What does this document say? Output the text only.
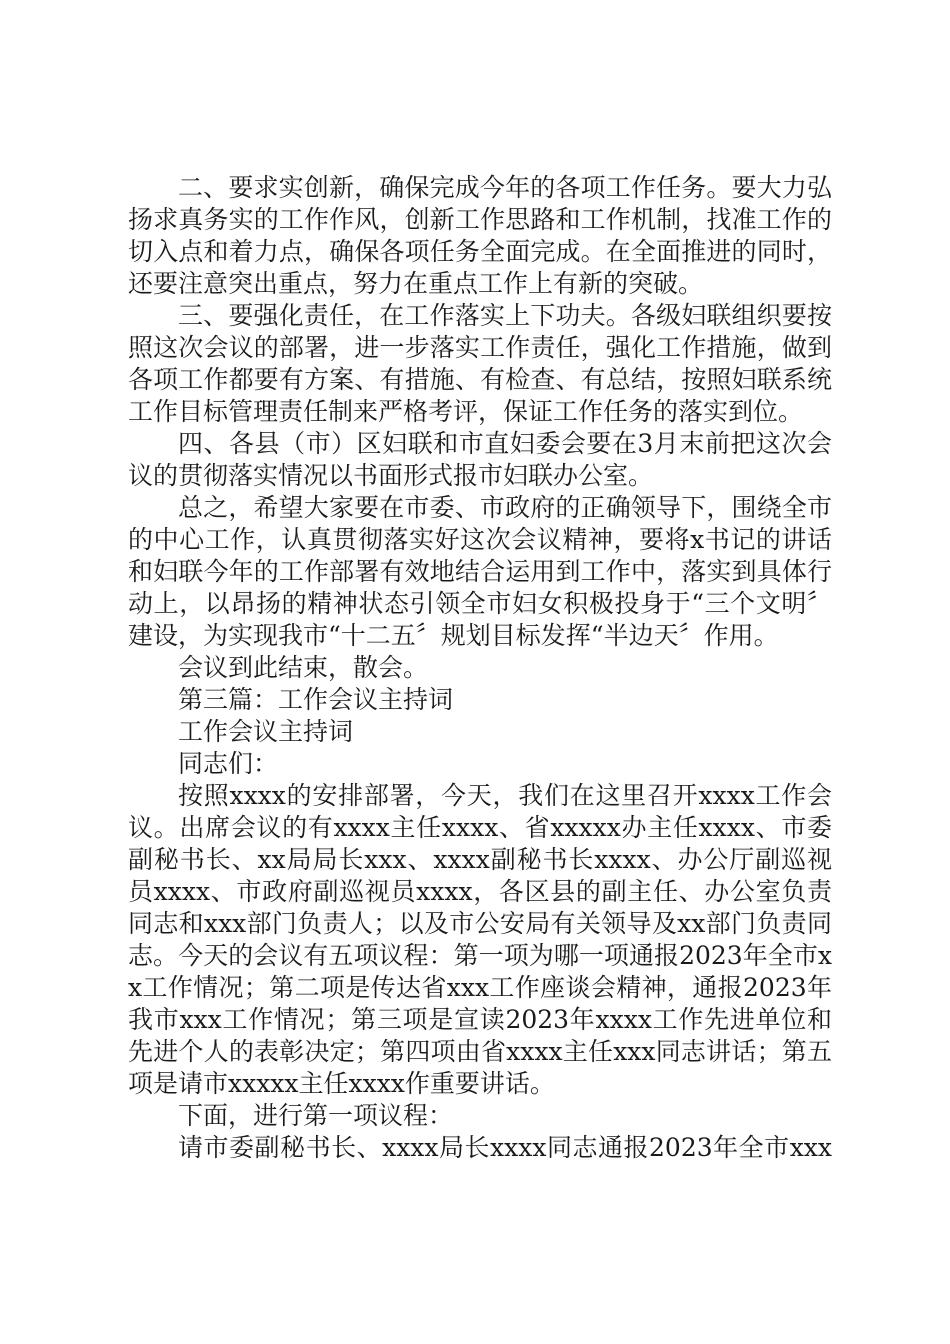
二、要求实创新，确保完成今年的各项工作任务。要大力弘扬求真务实的工作作风，创新工作思路和工作机制，找准工作的切入点和着力点，确保各项任务全面完成。在全面推进的同时，还要注意突出重点，努力在重点工作上有新的突破。

三、要强化责任，在工作落实上下功夫。各级妇联组织要按照这次会议的部署，进一步落实工作责任，强化工作措施，做到各项工作都要有方案、有措施、有检查、有总结，按照妇联系统工作目标管理责任制来严格考评，保证工作任务的落实到位。

四、各县（市）区妇联和市直妇委会要在3月末前把这次会议的贯彻落实情况以书面形式报市妇联办公室。

总之，希望大家要在市委、市政府的正确领导下，围绕全市的中心工作，认真贯彻落实好这次会议精神，要将x书记的讲话和妇联今年的工作部署有效地结合运用到工作中，落实到具体行动上，以昂扬的精神状态引领全市妇女积极投身于“三个文明〞建设，为实现我市“十二五〞规划目标发挥“半边天〞作用。

会议到此结束，散会。

第三篇：工作会议主持词

工作会议主持词

同志们：

按照xxxx的安排部署，今天，我们在这里召开xxxx工作会议。出席会议的有xxxx主任xxxx、省xxxxx办主任xxxx、市委副秘书长、xx局局长xxx、xxxx副秘书长xxxx、办公厅副巡视员xxxx、市政府副巡视员xxxx，各区县的副主任、办公室负责同志和xxx部门负责人；以及市公安局有关领导及xx部门负责同志。今天的会议有五项议程：第一项为哪一项通报2023年全市xx工作情况；第二项是传达省xxx工作座谈会精神，通报2023年我市xxx工作情况；第三项是宣读2023年xxxx工作先进单位和先进个人的表彰决定；第四项由省xxxx主任xxx同志讲话；第五项是请市xxxxx主任xxxx作重要讲话。

下面，进行第一项议程：

请市委副秘书长、xxxx局长xxxx同志通报2023年全市xxx
